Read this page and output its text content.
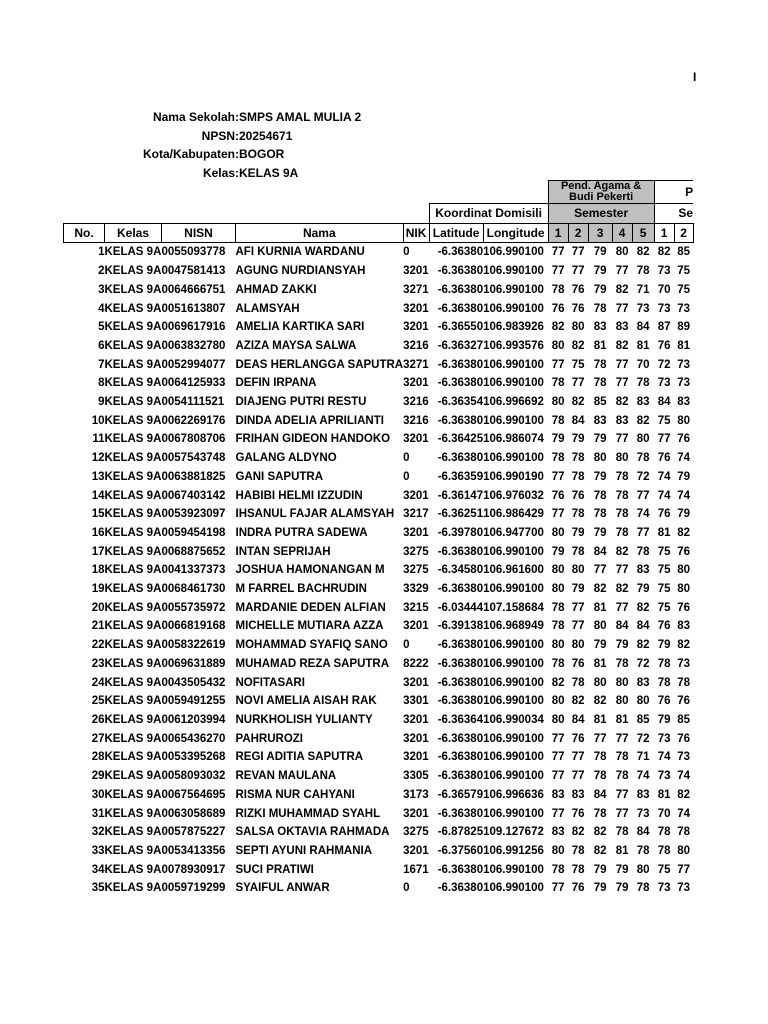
I
Nama Sekolah : SMPS AMAL MULIA 2
NPSN : 20254671
Kota/Kabupaten : BOGOR
Kelas : KELAS 9A
							Pend. Agama & Budi Pekerti					P	
					Koordinat Domisili		Semester					Se	
No.	Kelas	NISN	Nama	NIK	Latitude	Longitude	1	2	3	4	5	1	2
1	KELAS 9A	0055093778	AFI KURNIA WARDANU	0	-6.36380	106.990100	77	77	79	80	82	82	85
2	KELAS 9A	0047581413	AGUNG NURDIANSYAH	3201	-6.36380	106.990100	77	77	79	77	78	73	75
3	KELAS 9A	0064666751	AHMAD ZAKKI	3271	-6.36380	106.990100	78	76	79	82	71	70	75
4	KELAS 9A	0051613807	ALAMSYAH	3201	-6.36380	106.990100	76	76	78	77	73	73	73
5	KELAS 9A	0069617916	AMELIA KARTIKA SARI	3201	-6.36550	106.983926	82	80	83	83	84	87	89
6	KELAS 9A	0063832780	AZIZA MAYSA SALWA	3216	-6.36327	106.993576	80	82	81	82	81	76	81
7	KELAS 9A	0052994077	DEAS HERLANGGA SAPUTRA	3271	-6.36380	106.990100	77	75	78	77	70	72	73
8	KELAS 9A	0064125933	DEFIN IRPANA	3201	-6.36380	106.990100	78	77	78	77	78	73	73
9	KELAS 9A	0054111521	DIAJENG PUTRI RESTU	3216	-6.36354	106.996692	80	82	85	82	83	84	83
10	KELAS 9A	0062269176	DINDA ADELIA APRILIANTI	3216	-6.36380	106.990100	78	84	83	83	82	75	80
11	KELAS 9A	0067808706	FRIHAN GIDEON HANDOKO	3201	-6.36425	106.986074	79	79	79	77	80	77	76
12	KELAS 9A	0057543748	GALANG ALDYNO	0	-6.36380	106.990100	78	78	80	80	78	76	74
13	KELAS 9A	0063881825	GANI SAPUTRA	0	-6.36359	106.990190	77	78	79	78	72	74	79
14	KELAS 9A	0067403142	HABIBI HELMI IZZUDIN	3201	-6.36147	106.976032	76	76	78	78	77	74	74
15	KELAS 9A	0053923097	IHSANUL FAJAR ALAMSYAH	3217	-6.36251	106.986429	77	78	78	78	74	76	79
16	KELAS 9A	0059454198	INDRA PUTRA SADEWA	3201	-6.39780	106.947700	80	79	79	78	77	81	82
17	KELAS 9A	0068875652	INTAN SEPRIJAH	3275	-6.36380	106.990100	79	78	84	82	78	75	76
18	KELAS 9A	0041337373	JOSHUA HAMONANGAN M	3275	-6.34580	106.961600	80	80	77	77	83	75	80
19	KELAS 9A	0068461730	M FARREL BACHRUDIN	3329	-6.36380	106.990100	80	79	82	82	79	75	80
20	KELAS 9A	0055735972	MARDANIE DEDEN ALFIAN	3215	-6.03444	107.158684	78	77	81	77	82	75	76
21	KELAS 9A	0066819168	MICHELLE MUTIARA AZZA	3201	-6.39138	106.968949	78	77	80	84	84	76	83
22	KELAS 9A	0058322619	MOHAMMAD SYAFIQ SANO	0	-6.36380	106.990100	80	80	79	79	82	79	82
23	KELAS 9A	0069631889	MUHAMAD REZA SAPUTRA	8222	-6.36380	106.990100	78	76	81	78	72	78	73
24	KELAS 9A	0043505432	NOFITASARI	3201	-6.36380	106.990100	82	78	80	80	83	78	78
25	KELAS 9A	0059491255	NOVI AMELIA AISAH RAK	3301	-6.36380	106.990100	80	82	82	80	80	76	76
26	KELAS 9A	0061203994	NURKHOLISH YULIANTY	3201	-6.36364	106.990034	80	84	81	81	85	79	85
27	KELAS 9A	0065436270	PAHRUROZI	3201	-6.36380	106.990100	77	76	77	77	72	73	76
28	KELAS 9A	0053395268	REGI ADITIA SAPUTRA	3201	-6.36380	106.990100	77	77	78	78	71	74	73
29	KELAS 9A	0058093032	REVAN MAULANA	3305	-6.36380	106.990100	77	77	78	78	74	73	74
30	KELAS 9A	0067564695	RISMA NUR CAHYANI	3173	-6.36579	106.996636	83	83	84	77	83	81	82
31	KELAS 9A	0063058689	RIZKI MUHAMMAD SYAHL	3201	-6.36380	106.990100	77	76	78	77	73	70	74
32	KELAS 9A	0057875227	SALSA OKTAVIA RAHMADA	3275	-6.87825	109.127672	83	82	82	78	84	78	78
33	KELAS 9A	0053413356	SEPTI AYUNI RAHMANIA	3201	-6.37560	106.991256	80	78	82	81	78	78	80
34	KELAS 9A	0078930917	SUCI PRATIWI	1671	-6.36380	106.990100	78	78	79	79	80	75	77
35	KELAS 9A	0059719299	SYAIFUL ANWAR	0	-6.36380	106.990100	77	76	79	79	78	73	73
